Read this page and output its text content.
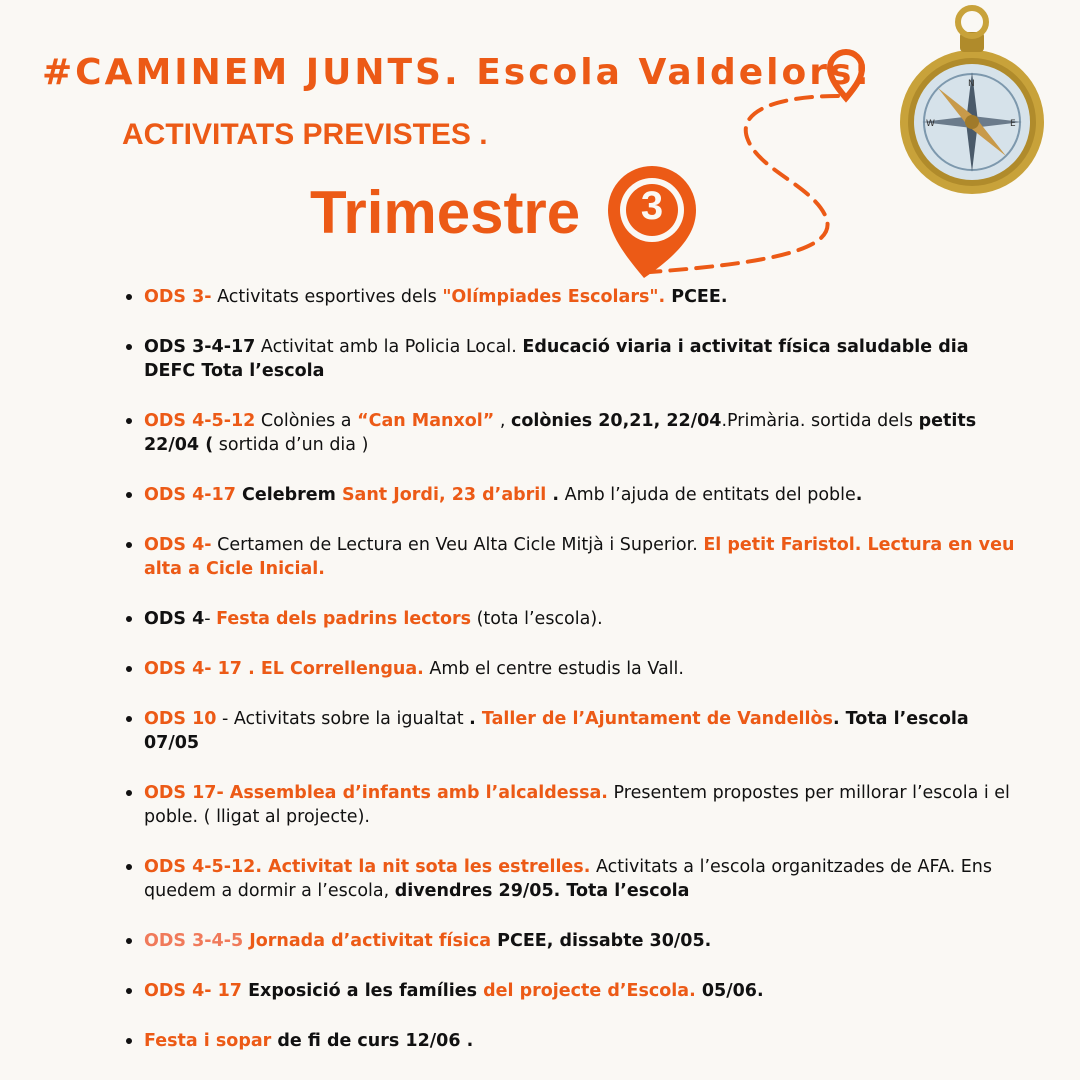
N
E
W
#CAMINEM JUNTS. Escola Valdelors:
ACTIVITATS PREVISTES .
Trimestre 3
ODS 3- Activitats esportives dels "Olímpiades Escolars". PCEE.
ODS 3-4-17 Activitat amb la Policia Local. Educació viaria i activitat física saludable dia DEFC Tota l’escola
ODS 4-5-12 Colònies a “Can Manxol” , colònies 20,21, 22/04.Primària. sortida dels petits 22/04 ( sortida d’un dia )
ODS 4-17 Celebrem Sant Jordi, 23 d’abril . Amb l’ajuda de entitats del poble.
ODS 4- Certamen de Lectura en Veu Alta Cicle Mitjà i Superior. El petit Faristol. Lectura en veu alta a Cicle Inicial.
ODS 4- Festa dels padrins lectors (tota l’escola).
ODS 4- 17 . EL Correllengua. Amb el centre estudis la Vall.
ODS 10 - Activitats sobre la igualtat . Taller de l’Ajuntament de Vandellòs. Tota l’escola 07/05
ODS 17- Assemblea d’infants amb l’alcaldessa. Presentem propostes per millorar l’escola i el poble. ( lligat al projecte).
ODS 4-5-12. Activitat la nit sota les estrelles. Activitats a l’escola organitzades de AFA. Ens quedem a dormir a l’escola, divendres 29/05. Tota l’escola
ODS 3-4-5 Jornada d’activitat física PCEE, dissabte 30/05.
ODS 4- 17 Exposició a les famílies del projecte d’Escola. 05/06.
Festa i sopar de fi de curs 12/06 .
